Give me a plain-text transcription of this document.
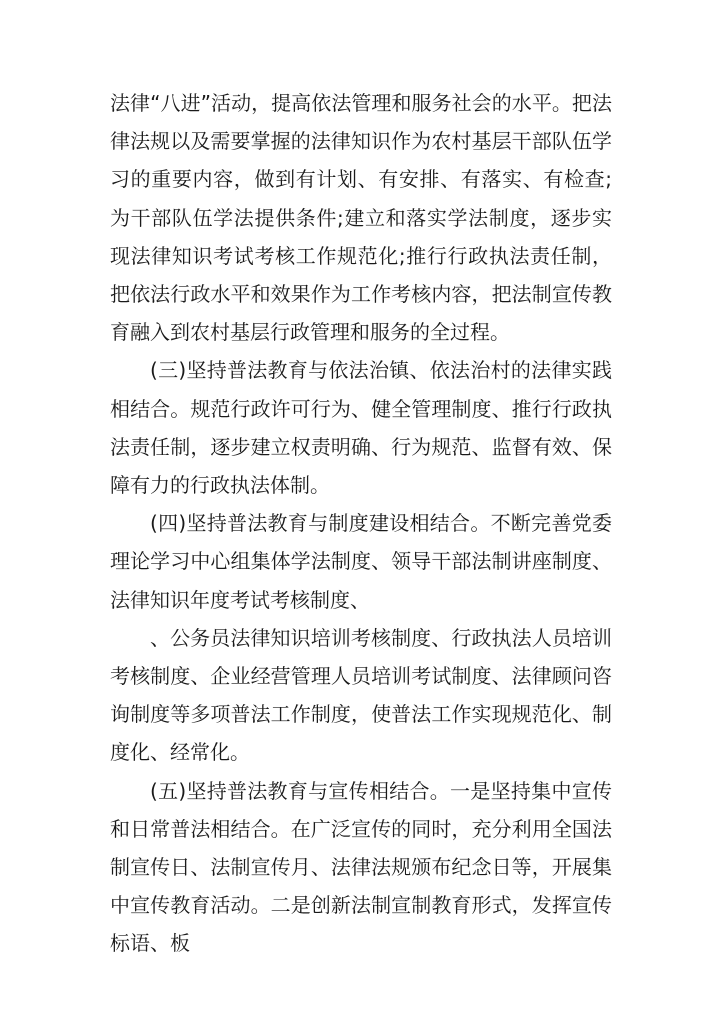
法律“八进”活动，提高依法管理和服务社会的水平。把法律法规以及需要掌握的法律知识作为农村基层干部队伍学习的重要内容，做到有计划、有安排、有落实、有检查;为干部队伍学法提供条件;建立和落实学法制度，逐步实现法律知识考试考核工作规范化;推行行政执法责任制，把依法行政水平和效果作为工作考核内容，把法制宣传教育融入到农村基层行政管理和服务的全过程。

(三)坚持普法教育与依法治镇、依法治村的法律实践相结合。规范行政许可行为、健全管理制度、推行行政执法责任制，逐步建立权责明确、行为规范、监督有效、保障有力的行政执法体制。

(四)坚持普法教育与制度建设相结合。不断完善党委理论学习中心组集体学法制度、领导干部法制讲座制度、法律知识年度考试考核制度、

、公务员法律知识培训考核制度、行政执法人员培训考核制度、企业经营管理人员培训考试制度、法律顾问咨询制度等多项普法工作制度，使普法工作实现规范化、制度化、经常化。

(五)坚持普法教育与宣传相结合。一是坚持集中宣传和日常普法相结合。在广泛宣传的同时，充分利用全国法制宣传日、法制宣传月、法律法规颁布纪念日等，开展集中宣传教育活动。二是创新法制宣制教育形式，发挥宣传标语、板
